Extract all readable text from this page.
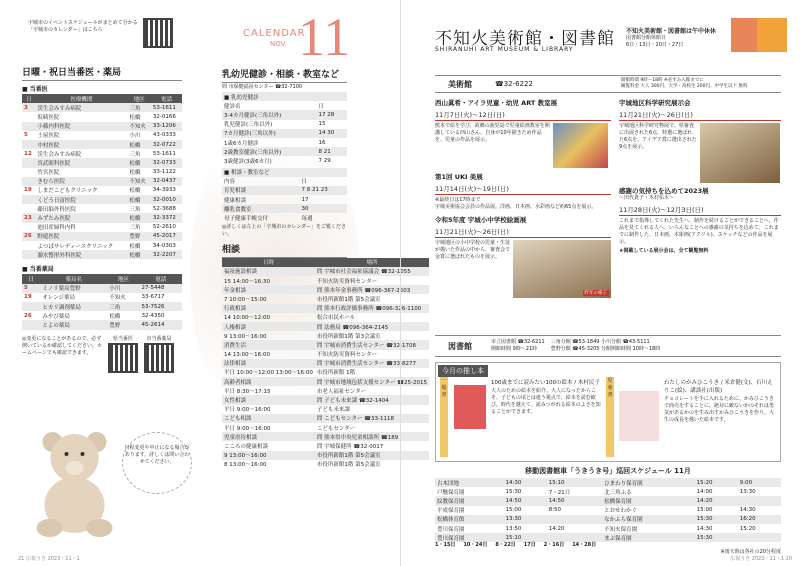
宇城市のイベントスケジュールがまとめて分かる「宇城市のカレンダー」はこちら	CALENDAR
NOV. 11
日曜・祝日当番医・薬局
■ 当番医
日	医療機関	地区	電話
3	渓生会みすみ病院	三角	53-1611
	坂崎医院	松橋	32-0166
	小篠内科医院	不知火	33-1206
5	土屋医院	小川	43-0333
	中村医院	松橋	32-0722
12	渓生会みすみ病院	三角	53-1611
	宮武眼科医院	松橋	32-0733
	竹宮医院	松橋	33-1122
	きむら医院	不知火	32-0437
19	しまだこどもクリニック	松橋	34-3933
	くどう日富医院	松橋	32-0010
	藤田脳外科医院	三角	52-3688
23	みずたみ医院	松橋	32-3372
	池田産婦科内科	三角	52-2610
26	野遊医院	豊野	45-2017
	よつばサレディースクリニック	松橋	34-0303
	濁水整形外科医院	松橋	32-2207
■ 当番薬局
日	薬局名	地区	電話
5	ミノリ薬局豊野	小川	27-5448
19	オレンジ薬局	不知火	33-6717
	ヒカリ調剤薬局	三角	53-7526
26	みやび薬局	松橋	32-4350
	とよの薬局	豊野	45-2614
◎変更になることがあるので、必ず開いているか確認してください。ホームページでも確認できます。
県当番医	市当番薬局
日程変更や中止になる場合があります。詳しくは問い合わせてください。
乳幼児健診・相談・教室など
問 市保健福祉センター ☎32-7100
■ 乳幼児健診	
健診名	日
3-4カ月健診(三角以外)	17 28
乳児健診(三角以外)	15
7カ月健診(三角以外)	14 30
1歳6カ月健診	16
2歳教室健診(三角以外)	8 21
3歳健診(3歳6カ月)	7 29
■ 相談・教室など	
内容	日
育児相談	7 8 21 23
健康相談	17
離乳食教室	30
母子健康手帳交付	毎週
◎詳しくは左上の「宇城市のカレンダー」をご覧ください。
相談
日時	場所
福祉施設相談	問 宇城市社会福祉協議会 ☎32-1055
15 14:00〜16:30	不知火防災資料センター
年金相談	問 熊本年金事務所 ☎096-367-2503
7 10:00〜15:00	市役所新館1階 第5会議室
行政相談	問 熊本行政評価事務所 ☎096-326-1100
14 10:00〜12:00	松合市民ホール
人権相談	問 法務局 ☎096-364-2145
9 13:00〜16:00	市役所新館1階 第3会議室
消費生活	問 宇城市消費生活センター ☎32-1708
14 13:00〜16:00	不知火防災資料センター
法律相談	問 宇城市消費生活センター ☎33-8277
平日 10:00〜12:00 13:00〜16:00	市役所新館 1階
高齢者相談	問 宇城市地域包括支援センター ☎25-2015
平日 8:30〜17:15	市老人福祉センター
女性相談	問 子ども未来課 ☎32-1404
平日 9:00〜16:00	子ども未来課
こども相談	問 こどもセンター ☎33-1118
平日 9:00〜16:00	こどもセンター
児童虐待相談	問 熊本県中央児童相談所 ☎189
こころの健康相談	問 宇城保健所 ☎32-0017
9 13:00〜16:00	市役所新館1階 第5会議室
8 13:00〜16:00	市役所新館1階 第5会議室
21 広報うき 2023・11・1
不知火美術館・図書館
SHIRANUHI ART MUSEUM & LIBRARY
不知火美術館・図書館は午中休休
図書館分館休館日
6日・13日・20日・27日
美術館	☎32-6222	開館時間 9時〜18時 ※必ずみ入館までに
観覧料金 大人 300円、大学・高校生 200円、中学生以下 無料
西山眞希・アイラ児童・幼児 ART 教室展
11月7日(火)〜12日(日)
熊本で絵を学び、故郷の鹿児島で児童絵画教室を開講している西山さん。自身が10年描きため作品を、児童の作品を展示。
第1回 UKI 美展
11月14日(火)〜19日(日)
※最終日は17時まで
宇城美術協会会員の作品展。洋画、日本画、水彩画など約65点を展示。
令和5年度 宇城小中学校絵画展
11月21日(火)〜26日(日)
宇城地区の小中学校の児童・生徒が描いた作品の中から、審査会で金賞に選ばれたものを展示。
昨年の様子
宇城地区科学研究展示会
11月21日(火)〜26日(日)
宇城地区科学研究物展で、県審査に出展された6点、特選に選ばれた6点を。アイデア賞に選出された9点を展示。
感謝の気持ちを込めて2023展
〜田代貴子・木村佑木〜
11月28日(火)〜12月3日(日)
これまで指導してくれた先生へ、制作を続けることができることへ、作品を見てくれる人へ、いろんなことへの感謝の気持ちを込めて、これまでに制作した、日本画、木彫画(アクリル)、スケッチなどの作品を展示。
★掲載している展示会は、全て観覧無料
図書館	市立図書館 ☎32-6211
開館時間 9時〜21時
三角分館 ☎53-1849 小川分館 ☎43-5111
豊野分館 ☎45-3205 分館開館時間 10時〜18時
今月の推し本
一般書
100歳までに読みたい100の絵本 / 木村民子
大人のための絵本を紹介。大人になったからこそ、子どもの頃とは違う視点で、絵本を読む歓び。時代を越えて、読みつがれる絵本のよさを知ることができます。
児童書
わたしのかみひこうき / 米倉健(文)、石川えりこ(絵)、講談社(出版)
チョコレートを手に入れるために、かみひこうきで商売をすることに。絶対に敵ないかのそれは勇気があるかのを生み出すかみひこうきを作り。大生の成長を描いた絵本です。
移動図書館車「うきうき号」巡回スケジュール 11月
古木団地	14:30	15:10	ひまわり保育園	15:20	9:00
戸馳保育園	15:30	7・21日	北三角ふる	14:00	13:30
紋教保育園	14:50	14:50	松橋保育園	14:20	
平成保育園	15:00	8:50	とおせわかぐ	15:00	14:30
松橋体育館	13:30		なかふら保育園	15:30	16:20
豊川保育園	13:50	14:20	不知火保育園	14:30	15:20
豊川保育園	15:10		まぶ保育園	15:30	
1・15日 10・24日 8・22日 17日 2・16日 14・28日
※雨天時は各社の20分程度
広報うき 2023・11・1 20
